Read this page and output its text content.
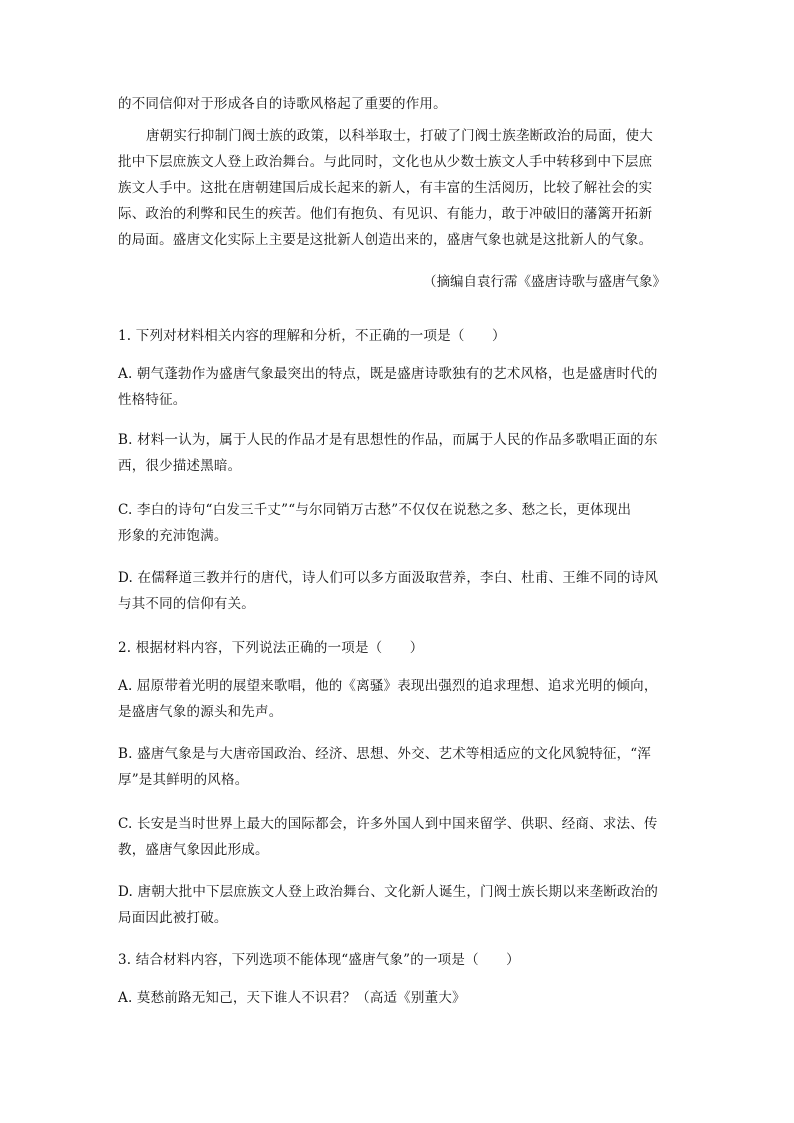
的不同信仰对于形成各自的诗歌风格起了重要的作用。
唐朝实行抑制门阀士族的政策，以科举取士，打破了门阀士族垄断政治的局面，使大
批中下层庶族文人登上政治舞台。与此同时，文化也从少数士族文人手中转移到中下层庶
族文人手中。这批在唐朝建国后成长起来的新人，有丰富的生活阅历，比较了解社会的实
际、政治的利弊和民生的疾苦。他们有抱负、有见识、有能力，敢于冲破旧的藩篱开拓新
的局面。盛唐文化实际上主要是这批新人创造出来的，盛唐气象也就是这批新人的气象。
（摘编自袁行霈《盛唐诗歌与盛唐气象》
1. 下列对材料相关内容的理解和分析，不正确的一项是（　　）
A. 朝气蓬勃作为盛唐气象最突出的特点，既是盛唐诗歌独有的艺术风格，也是盛唐时代的
性格特征。
B. 材料一认为，属于人民的作品才是有思想性的作品，而属于人民的作品多歌唱正面的东
西，很少描述黑暗。
C. 李白的诗句“白发三千丈”“与尔同销万古愁”不仅仅在说愁之多、愁之长，更体现出
形象的充沛饱满。
D. 在儒释道三教并行的唐代，诗人们可以多方面汲取营养，李白、杜甫、王维不同的诗风
与其不同的信仰有关。
2. 根据材料内容，下列说法正确的一项是（　　）
A. 屈原带着光明的展望来歌唱，他的《离骚》表现出强烈的追求理想、追求光明的倾向，
是盛唐气象的源头和先声。
B. 盛唐气象是与大唐帝国政治、经济、思想、外交、艺术等相适应的文化风貌特征，“浑
厚”是其鲜明的风格。
C. 长安是当时世界上最大的国际都会，许多外国人到中国来留学、供职、经商、求法、传
教，盛唐气象因此形成。
D. 唐朝大批中下层庶族文人登上政治舞台、文化新人诞生，门阀士族长期以来垄断政治的
局面因此被打破。
3. 结合材料内容，下列选项不能体现“盛唐气象”的一项是（　　）
A. 莫愁前路无知己，天下谁人不识君？（高适《别董大》
